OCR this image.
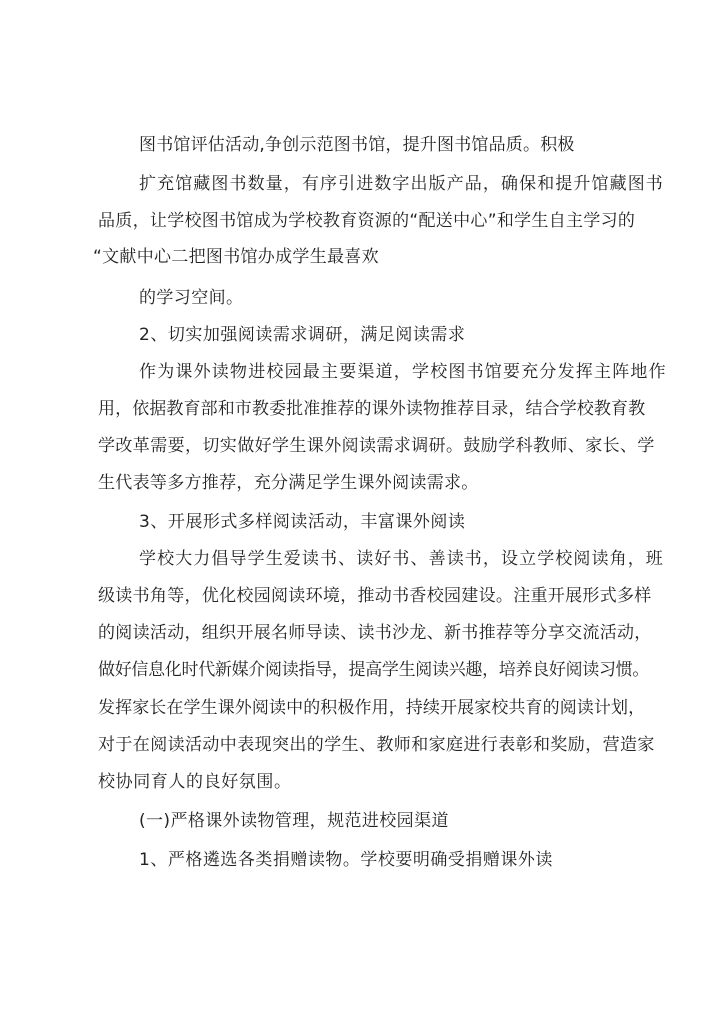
图书馆评估活动,争创示范图书馆，提升图书馆品质。积极
扩充馆藏图书数量，有序引进数字出版产品，确保和提升馆藏图书
品质，让学校图书馆成为学校教育资源的“配送中心”和学生自主学习的
“文献中心二把图书馆办成学生最喜欢
的学习空间。
2、切实加强阅读需求调研，满足阅读需求
作为课外读物进校园最主要渠道，学校图书馆要充分发挥主阵地作
用，依据教育部和市教委批准推荐的课外读物推荐目录，结合学校教育教
学改革需要，切实做好学生课外阅读需求调研。鼓励学科教师、家长、学
生代表等多方推荐，充分满足学生课外阅读需求。
3、开展形式多样阅读活动，丰富课外阅读
学校大力倡导学生爱读书、读好书、善读书，设立学校阅读角，班
级读书角等，优化校园阅读环境，推动书香校园建设。注重开展形式多样
的阅读活动，组织开展名师导读、读书沙龙、新书推荐等分享交流活动，
做好信息化时代新媒介阅读指导，提高学生阅读兴趣，培养良好阅读习惯。
发挥家长在学生课外阅读中的积极作用，持续开展家校共育的阅读计划，
对于在阅读活动中表现突出的学生、教师和家庭进行表彰和奖励，营造家
校协同育人的良好氛围。
(一)严格课外读物管理，规范进校园渠道
1、严格遴选各类捐赠读物。学校要明确受捐赠课外读
